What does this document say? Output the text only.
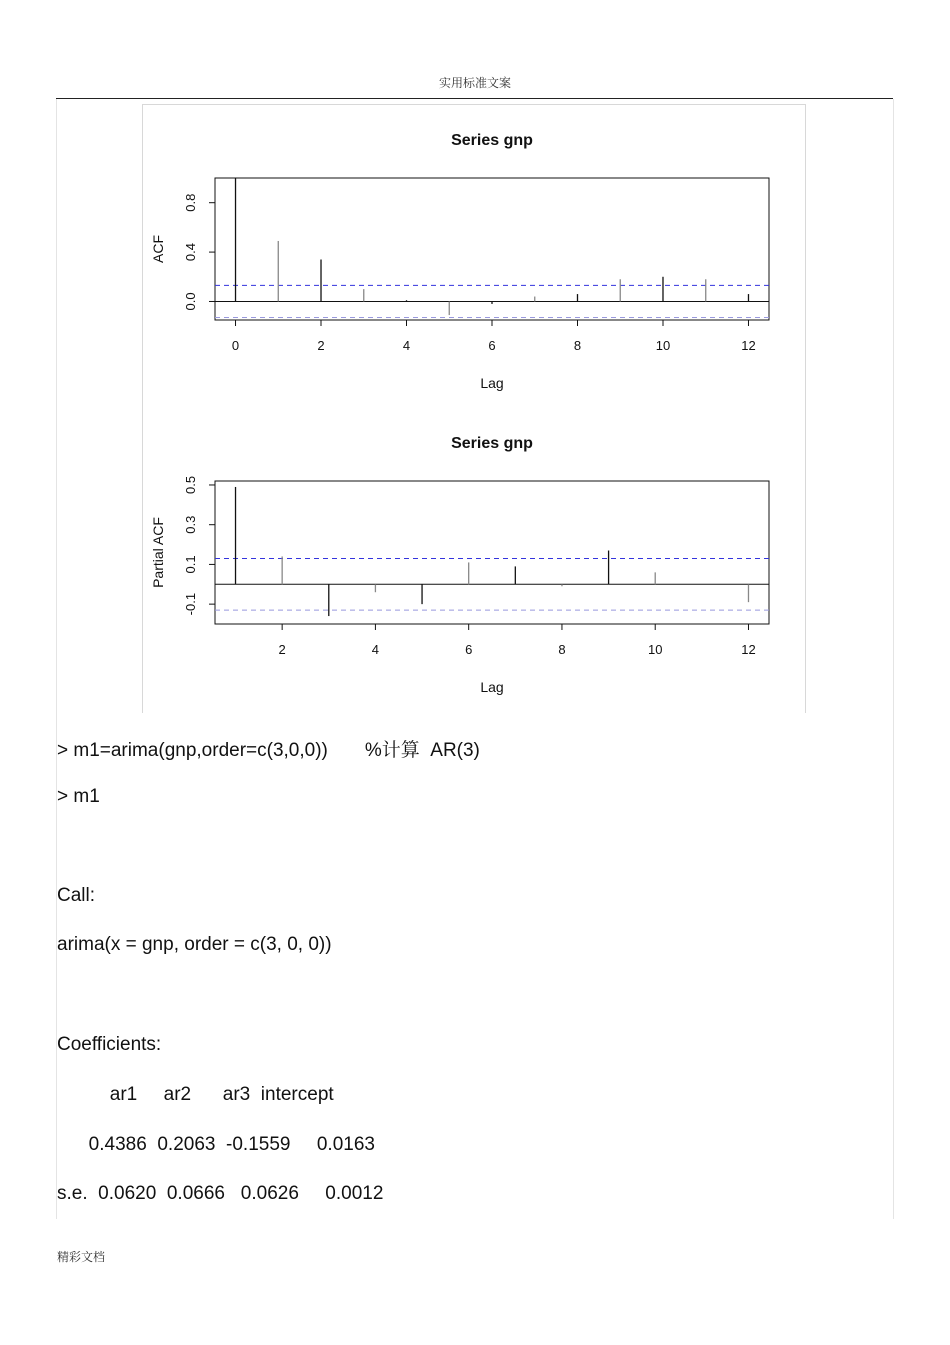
实用标准文案
Series gnp
0	2	4	6	8	10	12
Lag
0.0
0.4
0.8
ACF
Series gnp
2	4	6	8	10	12
Lag
-0.1
0.1
0.3
0.5
Partial ACF
> m1=arima(gnp,order=c(3,0,0))       %计算  AR(3)
> m1
Call:
arima(x = gnp, order = c(3, 0, 0))
Coefficients:
ar1     ar2      ar3  intercept
0.4386  0.2063  -0.1559     0.0163
s.e.  0.0620  0.0666   0.0626     0.0012
精彩文档
